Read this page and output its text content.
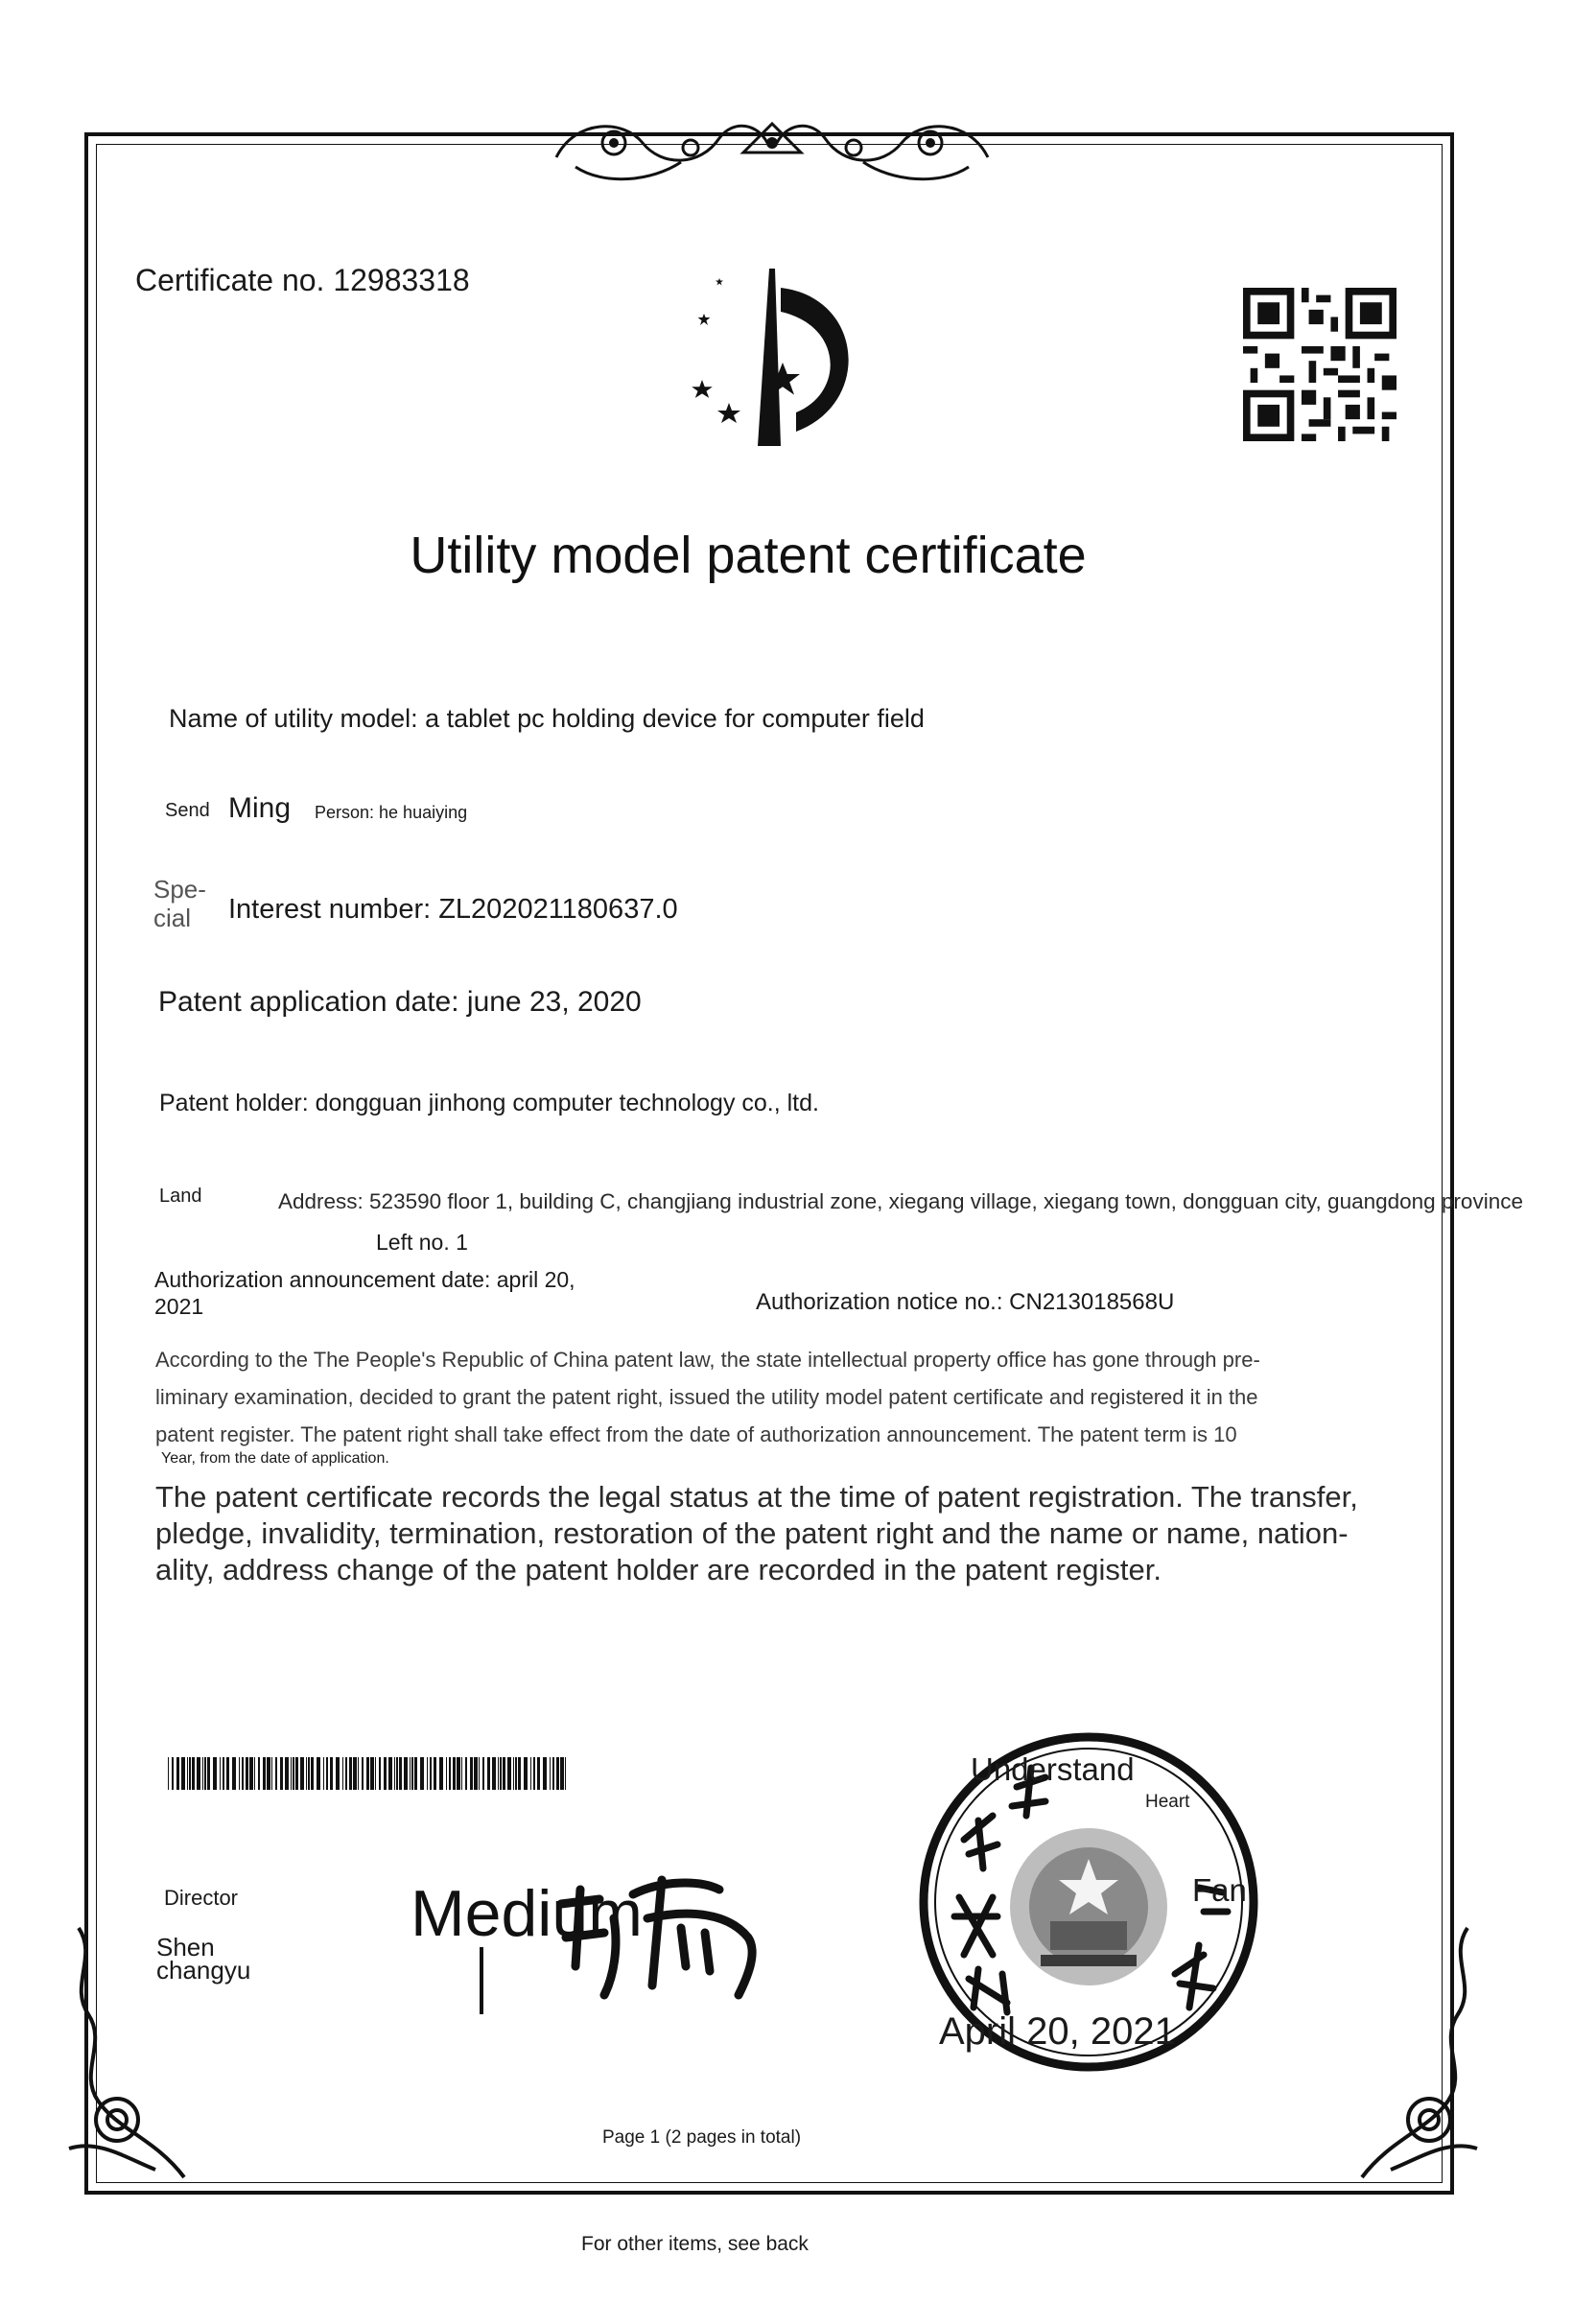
Certificate no. 12983318
Utility model patent certificate
Name of utility model: a tablet pc holding device for computer field
Send Ming Person: he huaiying
Spe-
cial	Interest number: ZL202021180637.0
Patent application date: june 23, 2020
Patent holder: dongguan jinhong computer technology co., ltd.
Land	Address: 523590 floor 1, building C, changjiang industrial zone, xiegang village, xiegang town, dongguan city, guangdong province
Left no. 1
Authorization announcement date: april 20,
2021	Authorization notice no.: CN213018568U
According to the The People's Republic of China patent law, the state intellectual property office has gone through pre-
liminary examination, decided to grant the patent right, issued the utility model patent certificate and registered it in the
patent register. The patent right shall take effect from the date of authorization announcement. The patent term is 10
Year, from the date of application.
The patent certificate records the legal status at the time of patent registration. The transfer,
pledge, invalidity, termination, restoration of the patent right and the name or name, nation-
ality, address change of the patent holder are recorded in the patent register.
Director
Shen
changyu
Medium
Understand
Heart
Fan
April 20, 2021
Page 1 (2 pages in total)
For other items, see back
